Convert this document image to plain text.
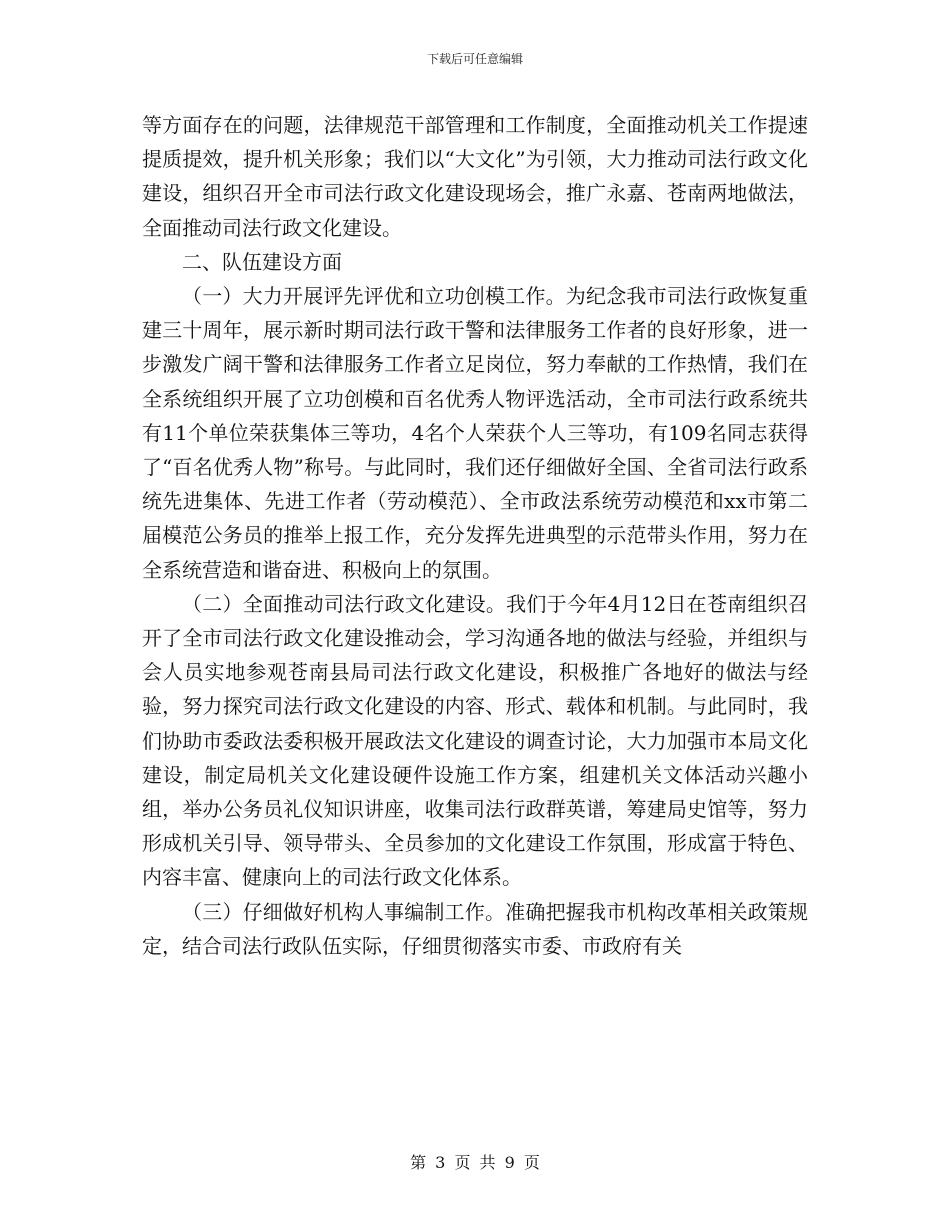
下载后可任意编辑

等方面存在的问题，法律规范干部管理和工作制度，全面推动机关工作提速提质提效，提升机关形象；我们以“大文化”为引领，大力推动司法行政文化建设，组织召开全市司法行政文化建设现场会，推广永嘉、苍南两地做法，全面推动司法行政文化建设。

二、队伍建设方面

（一）大力开展评先评优和立功创模工作。为纪念我市司法行政恢复重建三十周年，展示新时期司法行政干警和法律服务工作者的良好形象，进一步激发广阔干警和法律服务工作者立足岗位，努力奉献的工作热情，我们在全系统组织开展了立功创模和百名优秀人物评选活动，全市司法行政系统共有11个单位荣获集体三等功，4名个人荣获个人三等功，有109名同志获得了“百名优秀人物”称号。与此同时，我们还仔细做好全国、全省司法行政系统先进集体、先进工作者（劳动模范）、全市政法系统劳动模范和xx市第二届模范公务员的推举上报工作，充分发挥先进典型的示范带头作用，努力在全系统营造和谐奋进、积极向上的氛围。

（二）全面推动司法行政文化建设。我们于今年4月12日在苍南组织召开了全市司法行政文化建设推动会，学习沟通各地的做法与经验，并组织与会人员实地参观苍南县局司法行政文化建设，积极推广各地好的做法与经验，努力探究司法行政文化建设的内容、形式、载体和机制。与此同时，我们协助市委政法委积极开展政法文化建设的调查讨论，大力加强市本局文化建设，制定局机关文化建设硬件设施工作方案，组建机关文体活动兴趣小组，举办公务员礼仪知识讲座，收集司法行政群英谱，筹建局史馆等，努力形成机关引导、领导带头、全员参加的文化建设工作氛围，形成富于特色、内容丰富、健康向上的司法行政文化体系。

（三）仔细做好机构人事编制工作。准确把握我市机构改革相关政策规定，结合司法行政队伍实际，仔细贯彻落实市委、市政府有关

第 3 页 共 9 页
